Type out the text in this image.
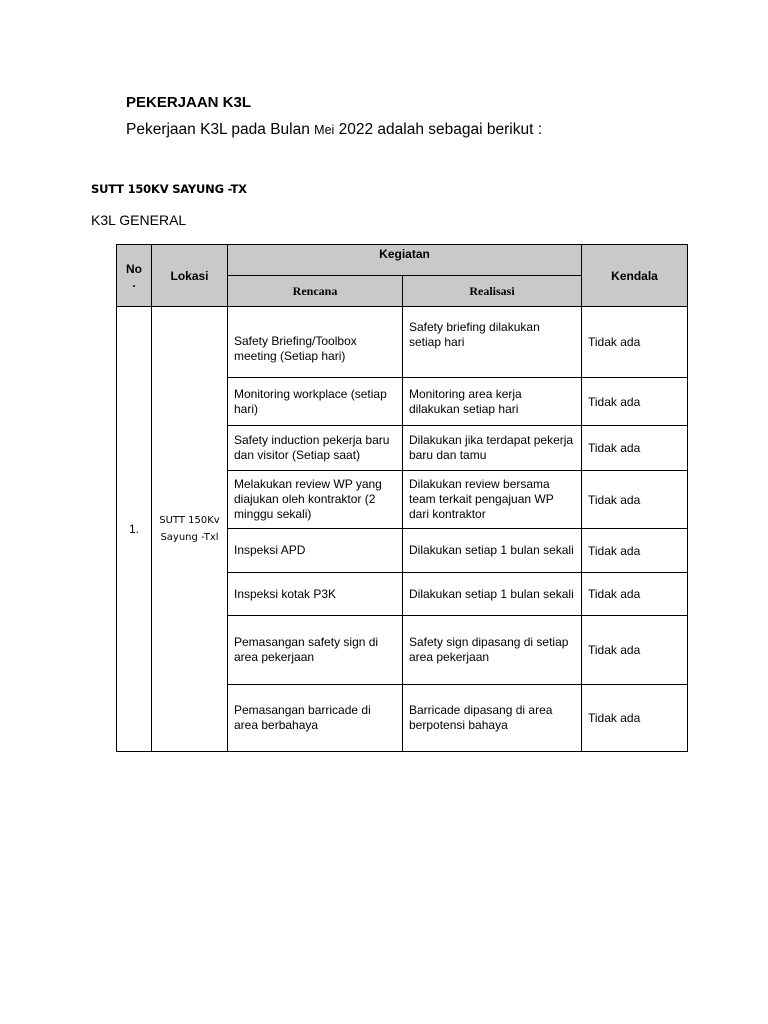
PEKERJAAN K3L
Pekerjaan K3L pada Bulan Mei 2022 adalah sebagai berikut :
SUTT 150KV SAYUNG -TX
K3L GENERAL
No .	Lokasi	Kegiatan		Kendala
		Rencana	Realisasi	
1.	SUTT 150Kv Sayung -Txl	Safety Briefing/Toolbox meeting (Setiap hari)	Safety briefing dilakukan setiap hari	Tidak ada
		Monitoring workplace (setiap hari)	Monitoring area kerja dilakukan setiap hari	Tidak ada
		Safety induction pekerja baru dan visitor (Setiap saat)	Dilakukan jika terdapat pekerja baru dan tamu	Tidak ada
		Melakukan review WP yang diajukan oleh kontraktor (2 minggu sekali)	Dilakukan review bersama team terkait pengajuan WP dari kontraktor	Tidak ada
		Inspeksi APD	Dilakukan setiap 1 bulan sekali	Tidak ada
		Inspeksi kotak P3K	Dilakukan setiap 1 bulan sekali	Tidak ada
		Pemasangan safety sign di area pekerjaan	Safety sign dipasang di setiap area pekerjaan	Tidak ada
		Pemasangan barricade di area berbahaya	Barricade dipasang di area berpotensi bahaya	Tidak ada
